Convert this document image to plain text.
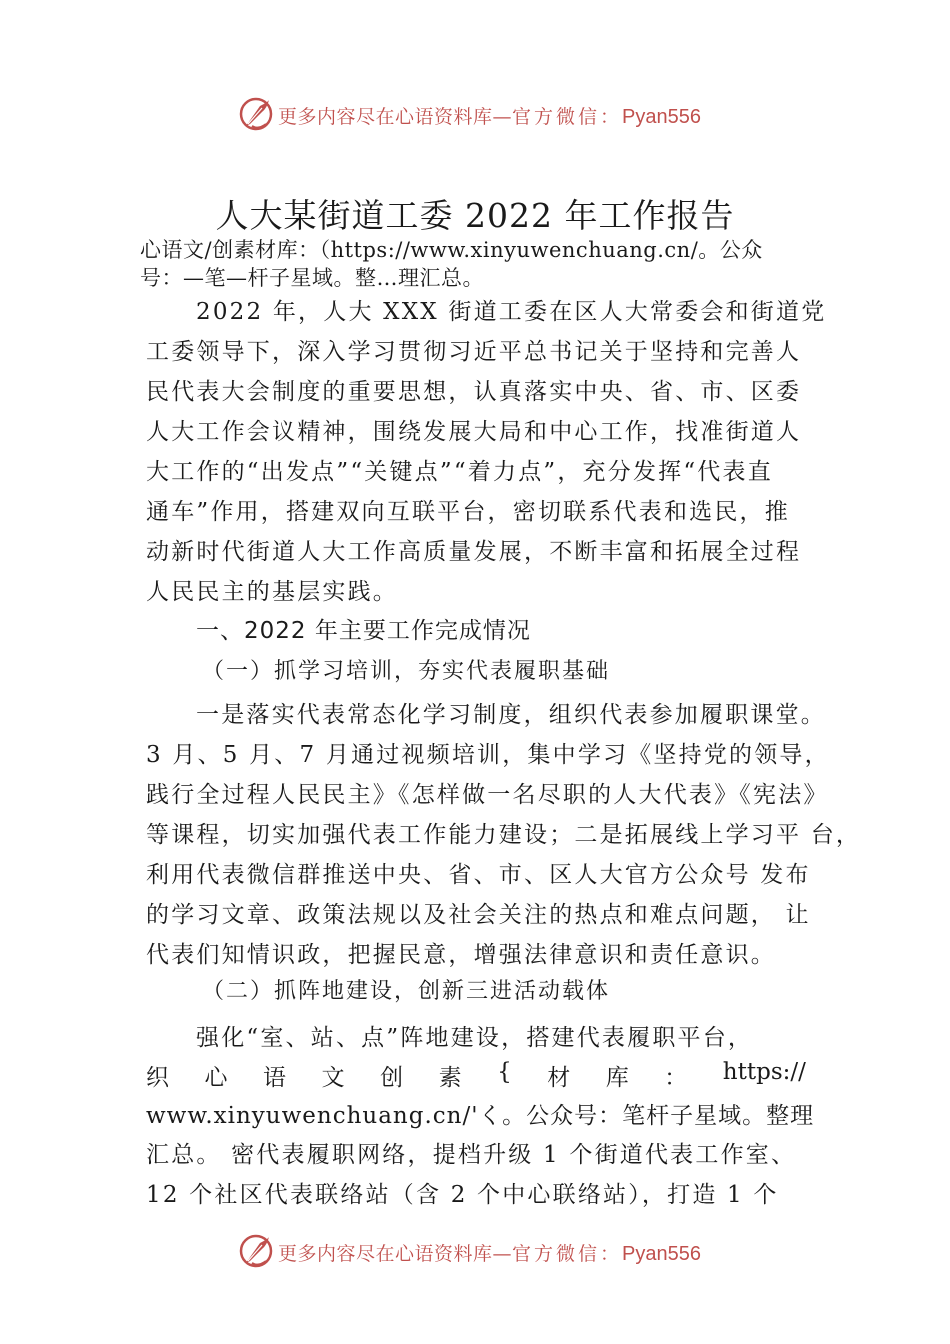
更多内容尽在心语资料库—官方微信：Pyan556
人大某街道工委 2022 年工作报告
心语文/创素材库：（https://www.xinyuwenchuang.cn/。公众
号：—笔—杆子星域。整…理汇总。
2022 年，人大 XXX 街道工委在区人大常委会和街道党
工委领导下，深入学习贯彻习近平总书记关于坚持和完善人
民代表大会制度的重要思想，认真落实中央、省、市、区委
人大工作会议精神，围绕发展大局和中心工作，找准街道人
大工作的“出发点”“关键点”“着力点”，充分发挥“代表直
通车”作用，搭建双向互联平台，密切联系代表和选民，推
动新时代街道人大工作高质量发展，不断丰富和拓展全过程
人民民主的基层实践。
一、2022 年主要工作完成情况
（一）抓学习培训，夯实代表履职基础
一是落实代表常态化学习制度，组织代表参加履职课堂。
3 月、5 月、7 月通过视频培训，集中学习《坚持党的领导，
践行全过程人民民主》《怎样做一名尽职的人大代表》《宪法》
等课程，切实加强代表工作能力建设；二是拓展线上学习平 台，
利用代表微信群推送中央、省、市、区人大官方公众号 发布
的学习文章、政策法规以及社会关注的热点和难点问题， 让
代表们知情识政，把握民意，增强法律意识和责任意识。
（二）抓阵地建设，创新三进活动载体
强化“室、站、点”阵地建设，搭建代表履职平台，
织 心 语 文 创 素 { 材 库 ： https://
www.xinyuwenchuang.cn/'く。公众号：笔杆子星域。整理
汇总。 密代表履职网络，提档升级 1 个街道代表工作室、
12 个社区代表联络站（含 2 个中心联络站），打造 1 个
更多内容尽在心语资料库—官方微信：Pyan556
